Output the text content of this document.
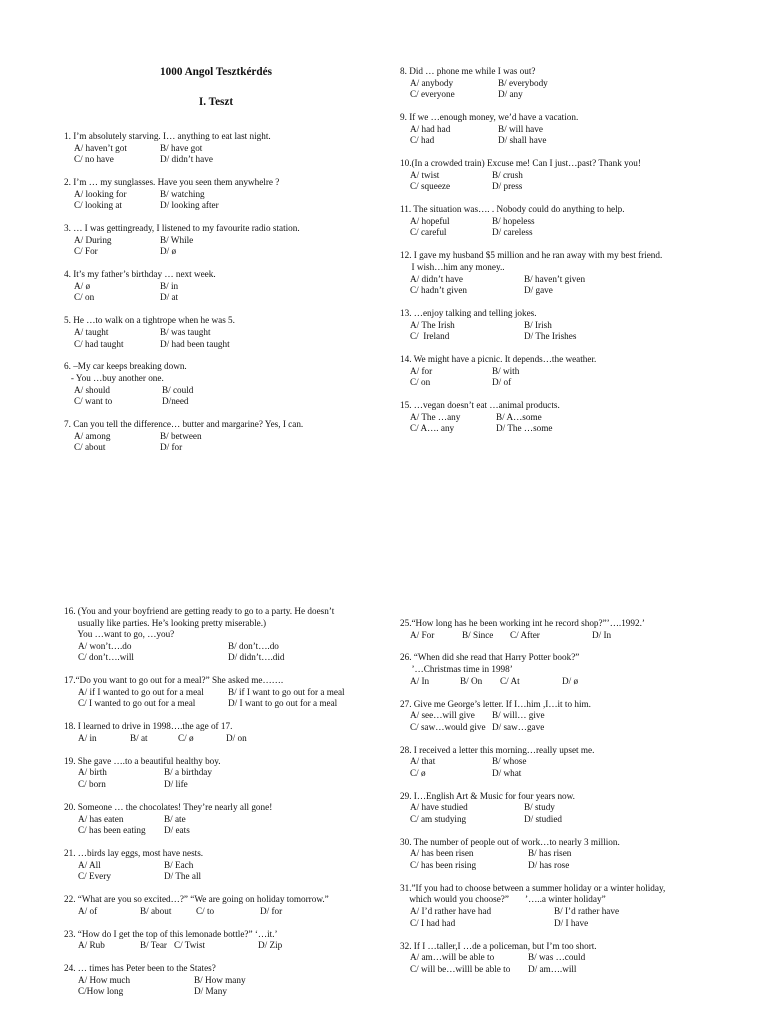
1000 Angol Tesztkérdés
I. Teszt
1. I’m absolutely starving. I… anything to eat last night.
A/ haven’t got	B/ have got
C/ no have	D/ didn’t have
2. I’m … my sunglasses. Have you seen them anywhelre ?
A/ looking for	B/ watching
C/ looking at	D/ looking after
3. … I was gettingready, I listened to my favourite radio station.
A/ During	B/ While
C/ For	D/ ø
4. It’s my father’s birthday … next week.
A/ ø	B/ in
C/ on	D/ at
5. He …to walk on a tightrope when he was 5.
A/ taught	B/ was taught
C/ had taught	D/ had been taught
6. –My car keeps breaking down.
- You …buy another one.
A/ should	B/ could
C/ want to	D/need
7. Can you tell the difference… butter and margarine? Yes, I can.
A/ among	B/ between
C/ about	D/ for
8. Did … phone me while I was out?
A/ anybody	B/ everybody
C/ everyone	D/ any
9. If we …enough money, we’d have a vacation.
A/ had had	B/ will have
C/ had	D/ shall have
10.(In a crowded train) Excuse me! Can I just…past? Thank you!
A/ twist	B/ crush
C/ squeeze	D/ press
11. The situation was…. . Nobody could do anything to help.
A/ hopeful	B/ hopeless
C/ careful	D/ careless
12. I gave my husband $5 million and he ran away with my best friend.
I wish…him any money..
A/ didn’t have	B/ haven’t given
C/ hadn’t given	D/ gave
13. …enjoy talking and telling jokes.
A/ The Irish	B/ Irish
C/  Ireland	D/ The Irishes
14. We might have a picnic. It depends…the weather.
A/ for	B/ with
C/ on	D/ of
15. …vegan doesn’t eat …animal products.
A/ The …any	B/ A…some
C/ A…. any	D/ The …some
16. (You and your boyfriend are getting ready to go to a party. He doesn’t
usually like parties. He’s looking pretty miserable.)
You …want to go, …you?
A/ won’t….do	B/ don’t….do
C/ don’t….will	D/ didn’t….did
17.“Do you want to go out for a meal?” She asked me…….
A/ if I wanted to go out for a meal	B/ if I want to go out for a meal
C/ I wanted to go out for a meal	D/ I want to go out for a meal
18. I learned to drive in 1998….the age of 17.
A/ in	B/ at	C/ ø	D/ on
19. She gave ….to a beautiful healthy boy.
A/ birth	B/ a birthday
C/ born	D/ life
20. Someone … the chocolates! They’re nearly all gone!
A/ has eaten	B/ ate
C/ has been eating	D/ eats
21. …birds lay eggs, most have nests.
A/ All	B/ Each
C/ Every	D/ The all
22. “What are you so excited…?” “We are going on holiday tomorrow.”
A/ of	B/ about	C/ to	D/ for
23. “How do I get the top of this lemonade bottle?” ‘…it.’
A/ Rub	B/ Tear C/ Twist	D/ Zip
24. … times has Peter been to the States?
A/ How much	B/ How many
C/How long	D/ Many
25.“How long has he been working int he record shop?”’….1992.’
A/ For	B/ Since	C/ After	D/ In
26. “When did she read that Harry Potter book?”
’…Christmas time in 1998’
A/ In	B/ On	C/ At	D/ ø
27. Give me George’s letter. If I…him ,I…it to him.
A/ see…will give	B/ will… give
C/ saw…would give D/ saw…gave
28. I received a letter this morning…really upset me.
A/ that	B/ whose
C/ ø	D/ what
29. I…English Art & Music for four years now.
A/ have studied	B/ study
C/ am studying	D/ studied
30. The number of people out of work…to nearly 3 million.
A/ has been risen	B/ has risen
C/ has been rising	D/ has rose
31.”If you had to choose between a summer holiday or a winter holiday,
which would you choose?”       ’…..a winter holiday”
A/ I’d rather have had	B/ I’d rather have
C/ I had had	D/ I have
32. If I …taller,I …de a policeman, but I’m too short.
A/ am…will be able to	B/ was …could
C/ will be…willl be able to	D/ am….will
